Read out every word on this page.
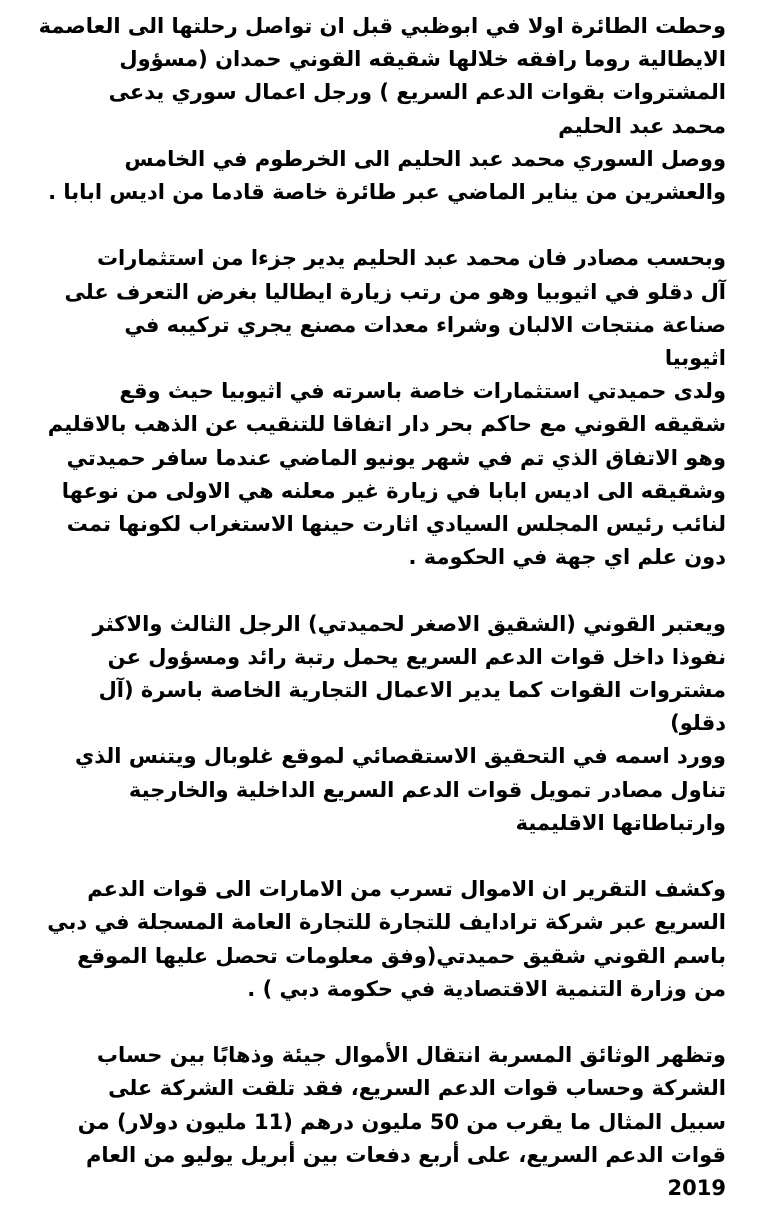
وحطت الطائرة اولا في ابوظبي قبل ان تواصل رحلتها الى العاصمة
الايطالية روما رافقه خلالها شقيقه القوني حمدان (مسؤول
المشتروات بقوات الدعم السريع ) ورجل اعمال سوري يدعى
محمد عبد الحليم
ووصل السوري محمد عبد الحليم الى الخرطوم في الخامس
والعشرين من يناير الماضي عبر طائرة خاصة قادما من اديس ابابا .
وبحسب مصادر فان محمد عبد الحليم يدير جزءا من استثمارات
آل دقلو في اثيوبيا وهو من رتب زيارة ايطاليا بغرض التعرف على
صناعة منتجات الالبان وشراء معدات مصنع يجري تركيبه في
اثيوبيا
ولدى حميدتي استثمارات خاصة باسرته في اثيوبيا حيث وقع
شقيقه القوني مع حاكم بحر دار اتفاقا للتنقيب عن الذهب بالاقليم
وهو الاتفاق الذي تم في شهر يونيو الماضي عندما سافر حميدتي
وشقيقه الى اديس ابابا في زيارة غير معلنه هي الاولى من نوعها
لنائب رئيس المجلس السيادي اثارت حينها الاستغراب لكونها تمت
دون علم اي جهة في الحكومة .
ويعتبر القوني (الشقيق الاصغر لحميدتي) الرجل الثالث والاكثر
نفوذا داخل قوات الدعم السريع يحمل رتبة رائد ومسؤول عن
مشتروات القوات كما يدير الاعمال التجارية الخاصة باسرة (آل
دقلو)
وورد اسمه في التحقيق الاستقصائي لموقع غلوبال ويتنس الذي
تناول مصادر تمويل قوات الدعم السريع الداخلية والخارجية
وارتباطاتها الاقليمية
وكشف التقرير ان الاموال تسرب من الامارات الى قوات الدعم
السريع عبر شركة ترادايف للتجارة للتجارة العامة المسجلة في دبي
باسم القوني شقيق حميدتي(وفق معلومات تحصل عليها الموقع
من وزارة التنمية الاقتصادية في حكومة دبي ) .
وتظهر الوثائق المسربة انتقال الأموال جيئة وذهابًا بين حساب
الشركة وحساب قوات الدعم السريع، فقد تلقت الشركة على
سبيل المثال ما يقرب من 50 مليون درهم (11 مليون دولار) من
قوات الدعم السريع، على أربع دفعات بين أبريل يوليو من العام
2019
